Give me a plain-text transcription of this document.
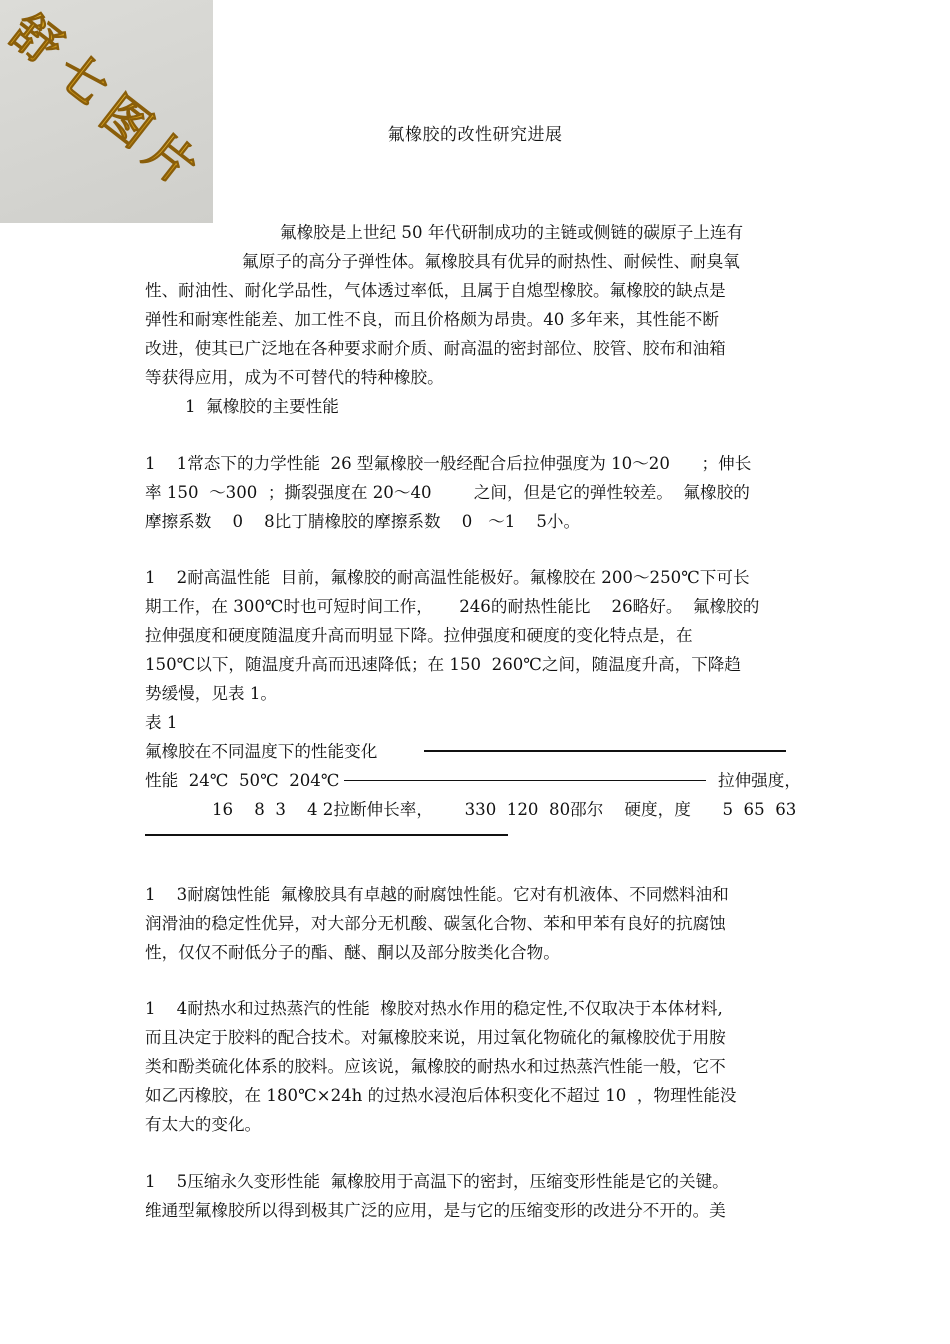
舒
七
图
片	氟橡胶的改性研究进展
氟橡胶是上世纪 50 年代研制成功的主链或侧链的碳原子上连有
氟原子的高分子弹性体。氟橡胶具有优异的耐热性、耐候性、耐臭氧
性、耐油性、耐化学品性，气体透过率低，且属于自熄型橡胶。氟橡胶的缺点是
弹性和耐寒性能差、加工性不良，而且价格颇为昂贵。40 多年来，其性能不断
改进，使其已广泛地在各种要求耐介质、耐高温的密封部位、胶管、胶布和油箱
等获得应用，成为不可替代的特种橡胶。
1  氟橡胶的主要性能
1    1常态下的力学性能  26 型氟橡胶一般经配合后拉伸强度为 10～20      ；伸长
率 150  ～300  ；撕裂强度在 20～40        之间，但是它的弹性较差。  氟橡胶的
摩擦系数    0    8比丁腈橡胶的摩擦系数    0   ～1    5小。
1    2耐高温性能  目前，氟橡胶的耐高温性能极好。氟橡胶在 200～250℃下可长
期工作，在 300℃时也可短时间工作，     246的耐热性能比    26略好。  氟橡胶的
拉伸强度和硬度随温度升高而明显下降。拉伸强度和硬度的变化特点是，在
150℃以下，随温度升高而迅速降低；在 150  260℃之间，随温度升高，下降趋
势缓慢，见表 1。
表 1
氟橡胶在不同温度下的性能变化
性能  24℃  50℃  204℃	拉伸强度，
16    8  3    4 2拉断伸长率，      330  120  80邵尔    硬度，度      5  65  63
1    3耐腐蚀性能  氟橡胶具有卓越的耐腐蚀性能。它对有机液体、不同燃料油和
润滑油的稳定性优异，对大部分无机酸、碳氢化合物、苯和甲苯有良好的抗腐蚀
性，仅仅不耐低分子的酯、醚、酮以及部分胺类化合物。
1    4耐热水和过热蒸汽的性能  橡胶对热水作用的稳定性,不仅取决于本体材料,
而且决定于胶料的配合技术。对氟橡胶来说，用过氧化物硫化的氟橡胶优于用胺
类和酚类硫化体系的胶料。应该说，氟橡胶的耐热水和过热蒸汽性能一般，它不
如乙丙橡胶，在 180℃×24h 的过热水浸泡后体积变化不超过 10  ，物理性能没
有太大的变化。
1    5压缩永久变形性能  氟橡胶用于高温下的密封，压缩变形性能是它的关键。
维通型氟橡胶所以得到极其广泛的应用，是与它的压缩变形的改进分不开的。美
